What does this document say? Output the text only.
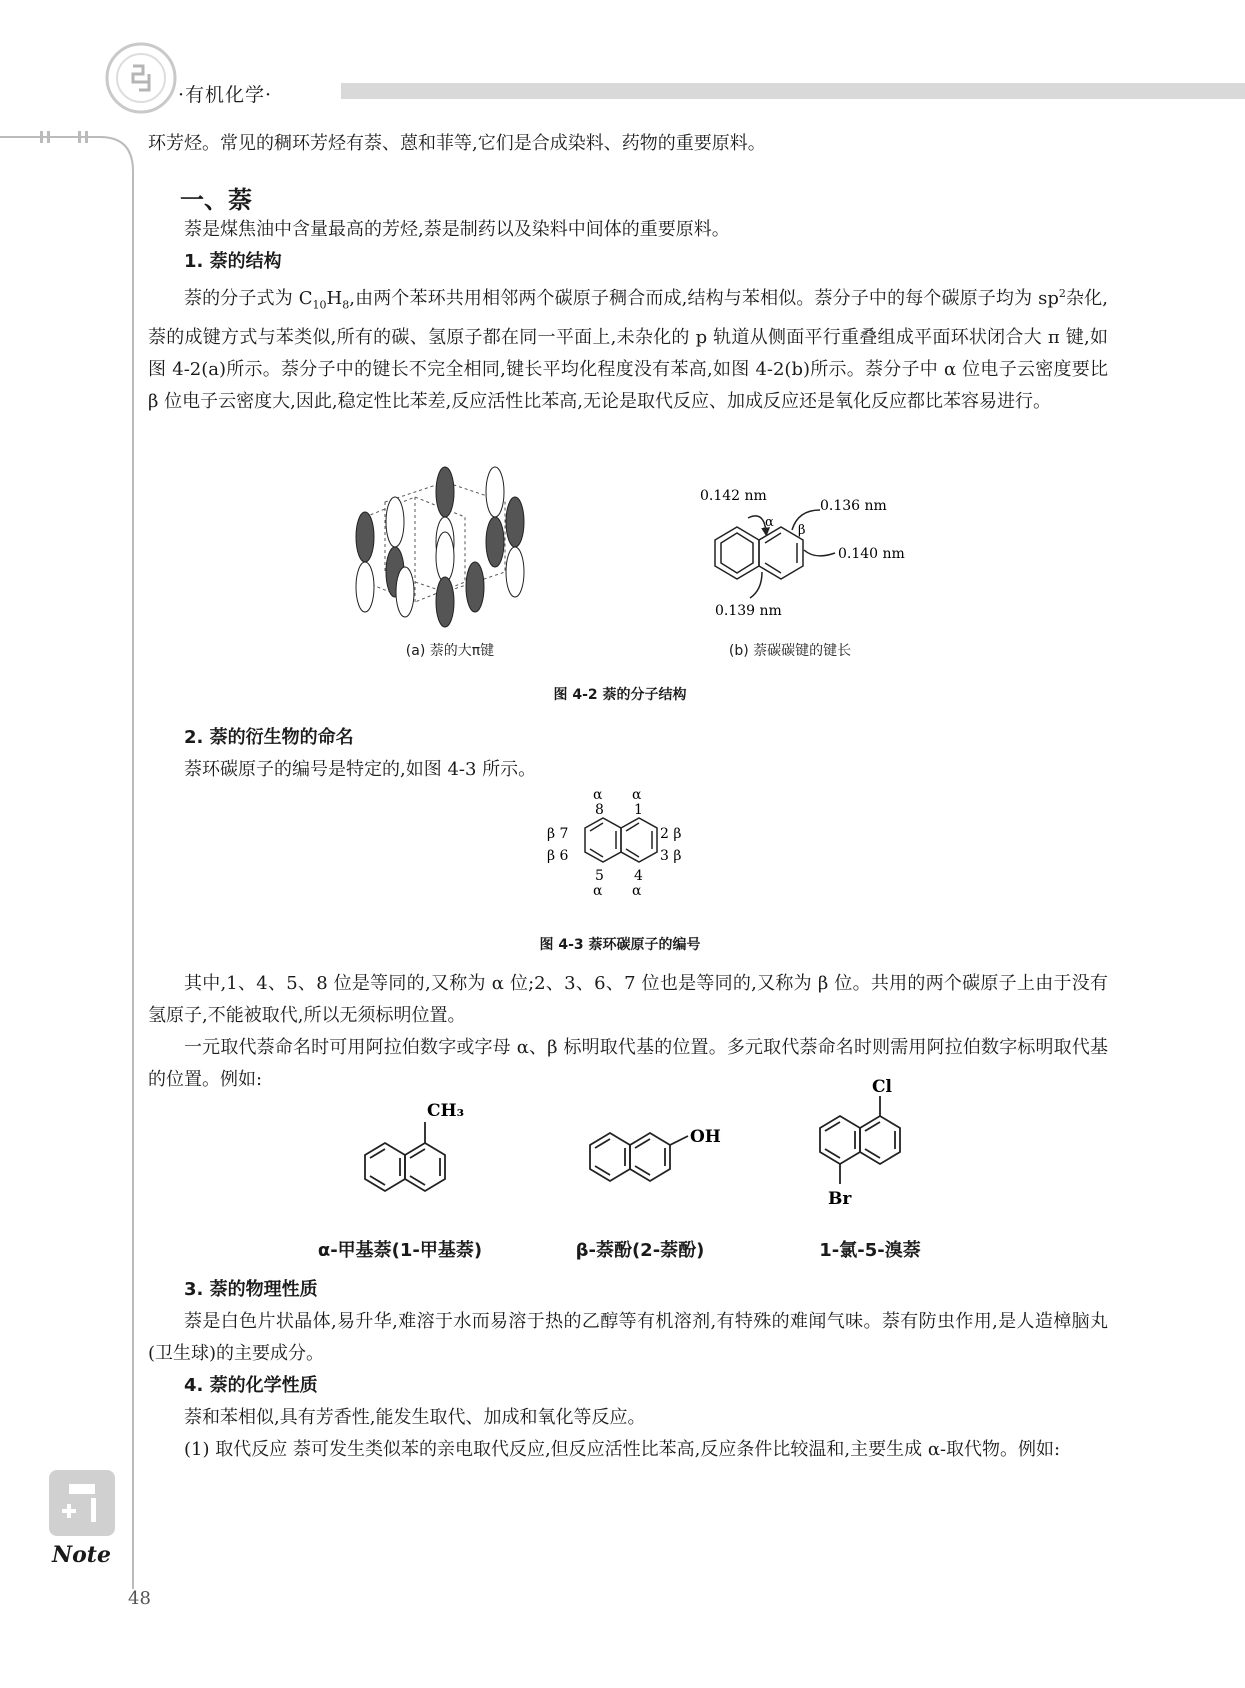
·有机化学·

环芳烃。常见的稠环芳烃有萘、蒽和菲等,它们是合成染料、药物的重要原料。

一、萘

萘是煤焦油中含量最高的芳烃,萘是制药以及染料中间体的重要原料。

1. 萘的结构

萘的分子式为 $C_{10}H_8$,由两个苯环共用相邻两个碳原子稠合而成,结构与苯相似。萘分子中的每个碳原子均为 $sp^2$杂化,萘的成键方式与苯类似,所有的碳、氢原子都在同一平面上,未杂化的 p 轨道从侧面平行重叠组成平面环状闭合大 π 键,如图 4-2(a)所示。萘分子中的键长不完全相同,键长平均化程度没有苯高,如图 4-2(b)所示。萘分子中 α 位电子云密度要比 β 位电子云密度大,因此,稳定性比苯差,反应活性比苯高,无论是取代反应、加成反应还是氧化反应都比苯容易进行。

(a) 萘的大π键
0.142 nm
0.136 nm
0.140 nm
0.139 nm
α
β
(b) 萘碳碳键的键长
图 4-2 萘的分子结构
2. 萘的衍生物的命名

萘环碳原子的编号是特定的,如图 4-3 所示。

α
8
α
1
β 7
β 6
2 β
3 β
5
α
4
α
图 4-3 萘环碳原子的编号

其中,1、4、5、8 位是等同的,又称为 α 位;2、3、6、7 位也是等同的,又称为 β 位。共用的两个碳原子上由于没有氢原子,不能被取代,所以无须标明位置。

一元取代萘命名时可用阿拉伯数字或字母 α、β 标明取代基的位置。多元取代萘命名时则需用阿拉伯数字标明取代基的位置。例如:

CH₃
OH
Cl
Br
α-甲基萘(1-甲基萘)	β-萘酚(2-萘酚)	1-氯-5-溴萘
3. 萘的物理性质

萘是白色片状晶体,易升华,难溶于水而易溶于热的乙醇等有机溶剂,有特殊的难闻气味。萘有防虫作用,是人造樟脑丸(卫生球)的主要成分。

4. 萘的化学性质

萘和苯相似,具有芳香性,能发生取代、加成和氧化等反应。

(1) 取代反应 萘可发生类似苯的亲电取代反应,但反应活性比苯高,反应条件比较温和,主要生成 α-取代物。例如:

Note
48
